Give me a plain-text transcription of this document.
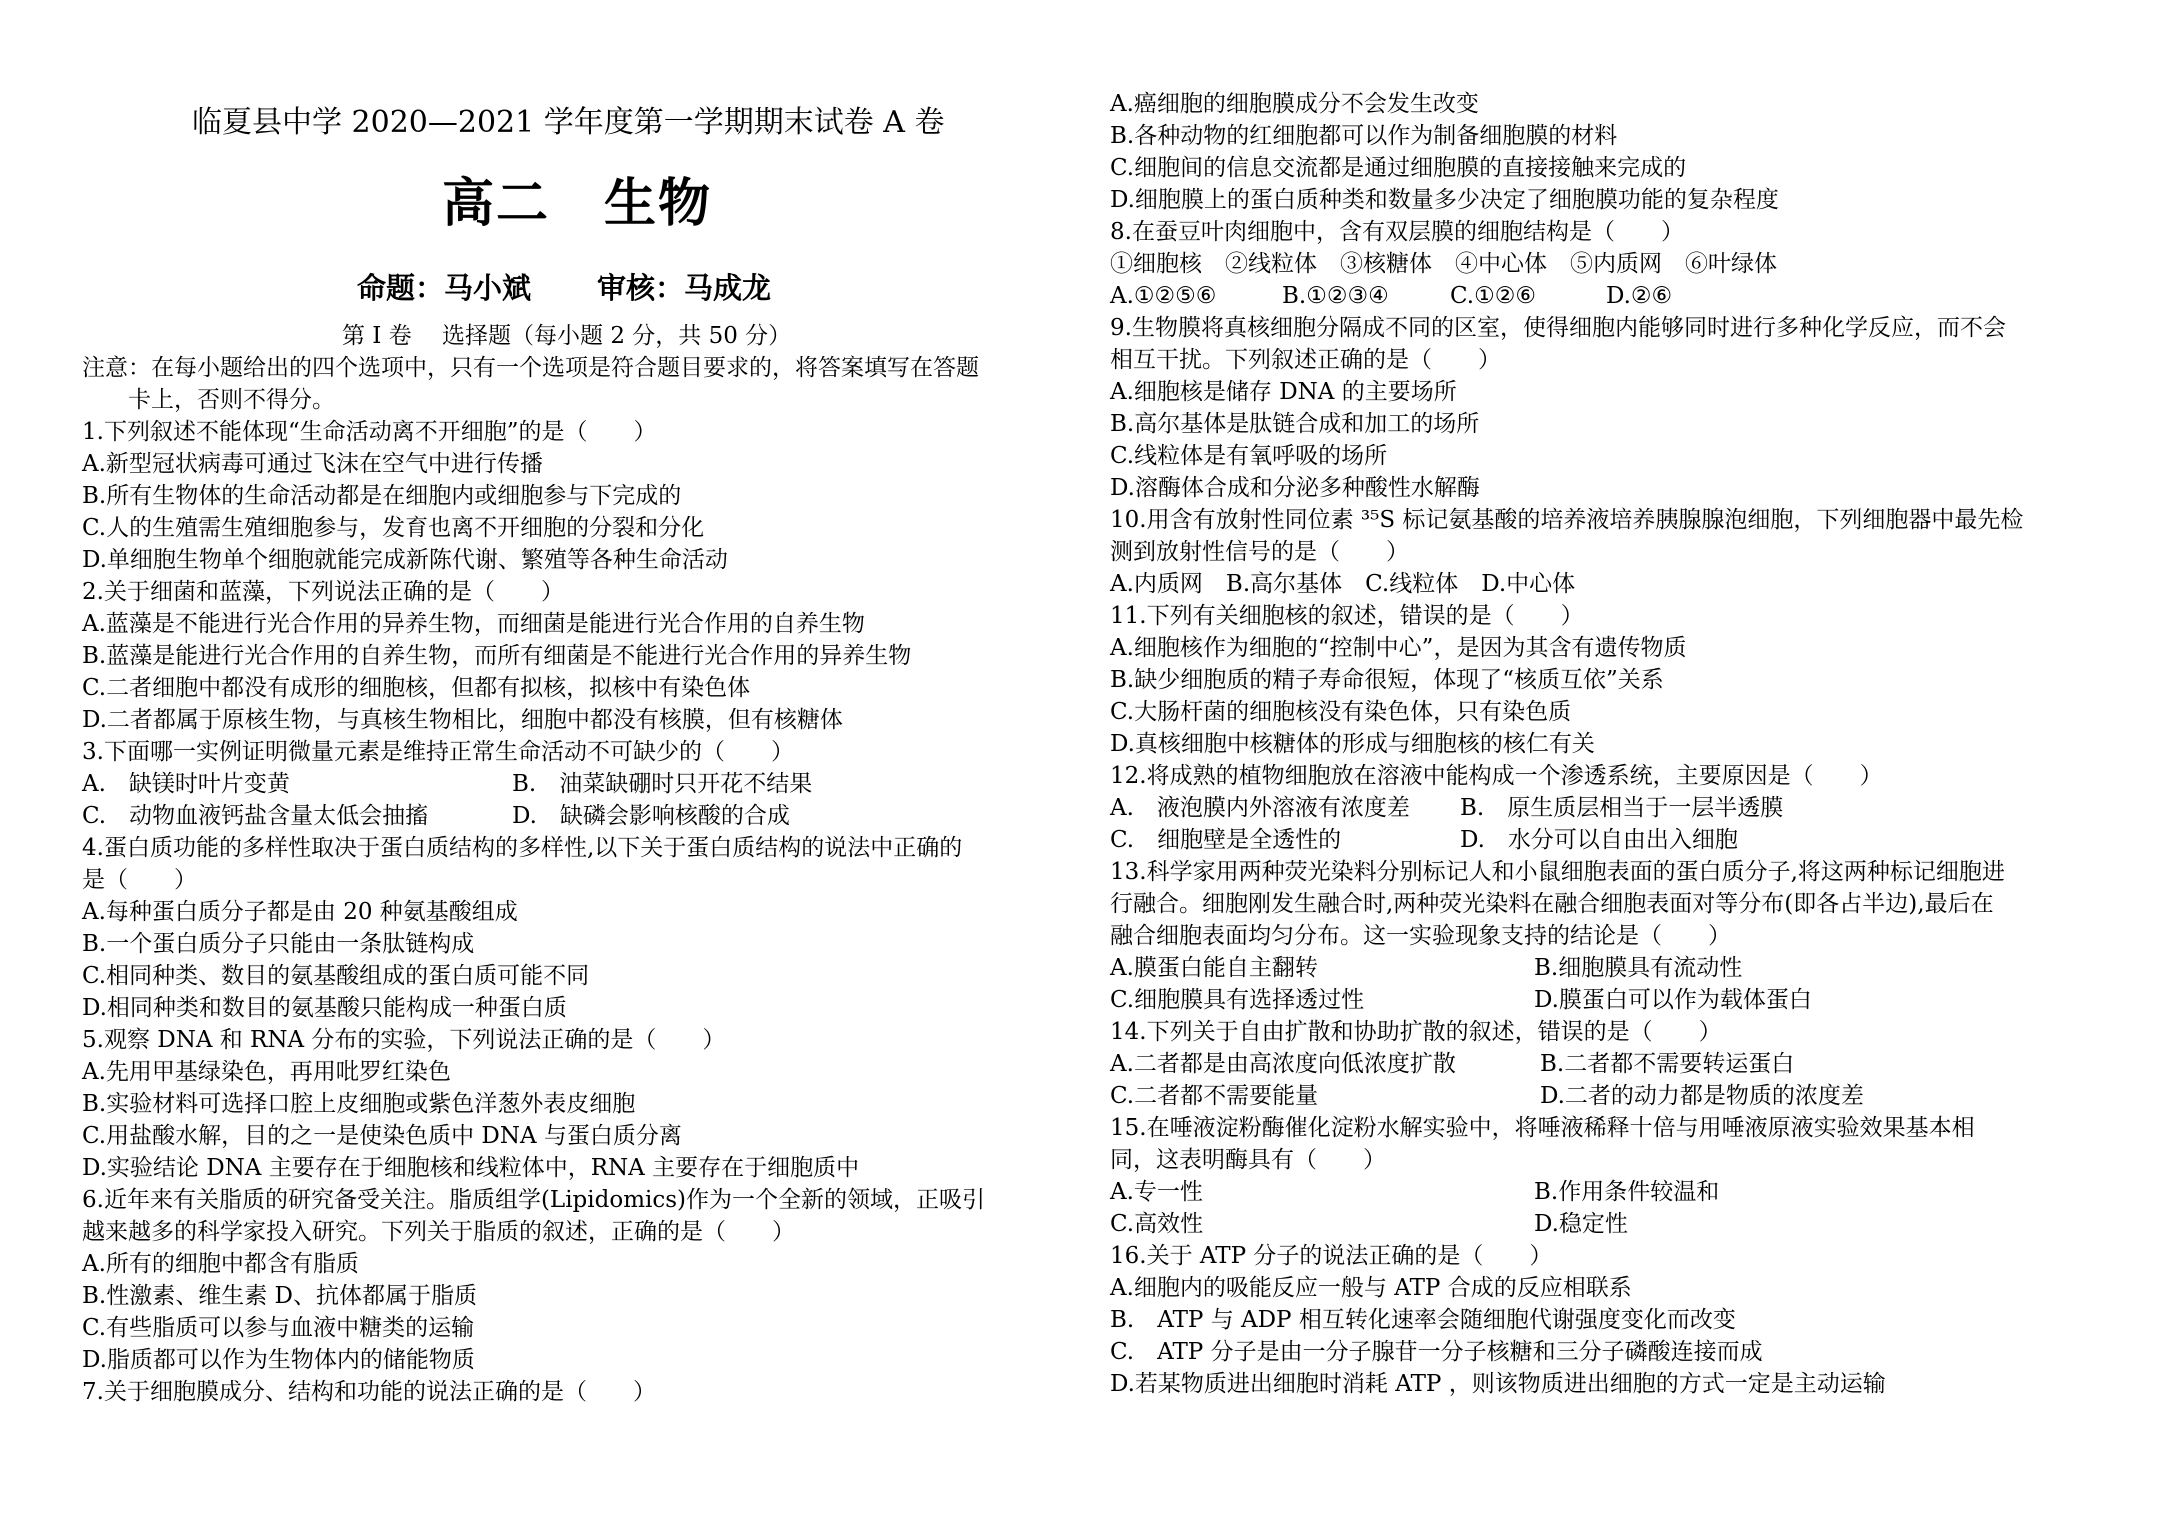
临夏县中学 2020—2021 学年度第一学期期末试卷 A 卷
高二　生物
命题：马小斌 审核：马成龙
第 I 卷　 选择题（每小题 2 分，共 50 分）
注意：在每小题给出的四个选项中，只有一个选项是符合题目要求的，将答案填写在答题
卡上，否则不得分。
1.下列叙述不能体现“生命活动离不开细胞”的是（　　）
A.新型冠状病毒可通过飞沫在空气中进行传播
B.所有生物体的生命活动都是在细胞内或细胞参与下完成的
C.人的生殖需生殖细胞参与，发育也离不开细胞的分裂和分化
D.单细胞生物单个细胞就能完成新陈代谢、繁殖等各种生命活动
2.关于细菌和蓝藻，下列说法正确的是（　　）
A.蓝藻是不能进行光合作用的异养生物，而细菌是能进行光合作用的自养生物
B.蓝藻是能进行光合作用的自养生物，而所有细菌是不能进行光合作用的异养生物
C.二者细胞中都没有成形的细胞核，但都有拟核，拟核中有染色体
D.二者都属于原核生物，与真核生物相比，细胞中都没有核膜，但有核糖体
3.下面哪一实例证明微量元素是维持正常生命活动不可缺少的（　　）
A.　缺镁时叶片变黄	B.　油菜缺硼时只开花不结果
C.　动物血液钙盐含量太低会抽搐	D.　缺磷会影响核酸的合成
4.蛋白质功能的多样性取决于蛋白质结构的多样性,以下关于蛋白质结构的说法中正确的
是（　　）
A.每种蛋白质分子都是由 20 种氨基酸组成
B.一个蛋白质分子只能由一条肽链构成
C.相同种类、数目的氨基酸组成的蛋白质可能不同
D.相同种类和数目的氨基酸只能构成一种蛋白质
5.观察 DNA 和 RNA 分布的实验，下列说法正确的是（　　）
A.先用甲基绿染色，再用吡罗红染色
B.实验材料可选择口腔上皮细胞或紫色洋葱外表皮细胞
C.用盐酸水解，目的之一是使染色质中 DNA 与蛋白质分离
D.实验结论 DNA 主要存在于细胞核和线粒体中，RNA 主要存在于细胞质中
6.近年来有关脂质的研究备受关注。脂质组学(Lipidomics)作为一个全新的领域，正吸引
越来越多的科学家投入研究。下列关于脂质的叙述，正确的是（　　）
A.所有的细胞中都含有脂质
B.性激素、维生素 D、抗体都属于脂质
C.有些脂质可以参与血液中糖类的运输
D.脂质都可以作为生物体内的储能物质
7.关于细胞膜成分、结构和功能的说法正确的是（　　）
A.癌细胞的细胞膜成分不会发生改变
B.各种动物的红细胞都可以作为制备细胞膜的材料
C.细胞间的信息交流都是通过细胞膜的直接接触来完成的
D.细胞膜上的蛋白质种类和数量多少决定了细胞膜功能的复杂程度
8.在蚕豆叶肉细胞中，含有双层膜的细胞结构是（　　）
①细胞核　②线粒体　③核糖体　④中心体　⑤内质网　⑥叶绿体
A.①②⑤⑥	B.①②③④	C.①②⑥	D.②⑥
9.生物膜将真核细胞分隔成不同的区室，使得细胞内能够同时进行多种化学反应，而不会
相互干扰。下列叙述正确的是（　　）
A.细胞核是储存 DNA 的主要场所
B.高尔基体是肽链合成和加工的场所
C.线粒体是有氧呼吸的场所
D.溶酶体合成和分泌多种酸性水解酶
10.用含有放射性同位素 ³⁵S 标记氨基酸的培养液培养胰腺腺泡细胞，下列细胞器中最先检
测到放射性信号的是（　　）
A.内质网　B.高尔基体　C.线粒体　D.中心体
11.下列有关细胞核的叙述，错误的是（　　）
A.细胞核作为细胞的“控制中心”，是因为其含有遗传物质
B.缺少细胞质的精子寿命很短，体现了“核质互依”关系
C.大肠杆菌的细胞核没有染色体，只有染色质
D.真核细胞中核糖体的形成与细胞核的核仁有关
12.将成熟的植物细胞放在溶液中能构成一个渗透系统，主要原因是（　　）
A.　液泡膜内外溶液有浓度差 B.　原生质层相当于一层半透膜
C.　细胞壁是全透性的	D.　水分可以自由出入细胞
13.科学家用两种荧光染料分别标记人和小鼠细胞表面的蛋白质分子,将这两种标记细胞进
行融合。细胞刚发生融合时,两种荧光染料在融合细胞表面对等分布(即各占半边),最后在
融合细胞表面均匀分布。这一实验现象支持的结论是（　　）
A.膜蛋白能自主翻转	B.细胞膜具有流动性
C.细胞膜具有选择透过性	D.膜蛋白可以作为载体蛋白
14.下列关于自由扩散和协助扩散的叙述，错误的是（　　）
A.二者都是由高浓度向低浓度扩散	B.二者都不需要转运蛋白
C.二者都不需要能量	D.二者的动力都是物质的浓度差
15.在唾液淀粉酶催化淀粉水解实验中，将唾液稀释十倍与用唾液原液实验效果基本相
同，这表明酶具有（　　）
A.专一性	B.作用条件较温和
C.高效性	D.稳定性
16.关于 ATP 分子的说法正确的是（　　）
A.细胞内的吸能反应一般与 ATP 合成的反应相联系
B.　ATP 与 ADP 相互转化速率会随细胞代谢强度变化而改变
C.　ATP 分子是由一分子腺苷一分子核糖和三分子磷酸连接而成
D.若某物质进出细胞时消耗 ATP ，则该物质进出细胞的方式一定是主动运输
